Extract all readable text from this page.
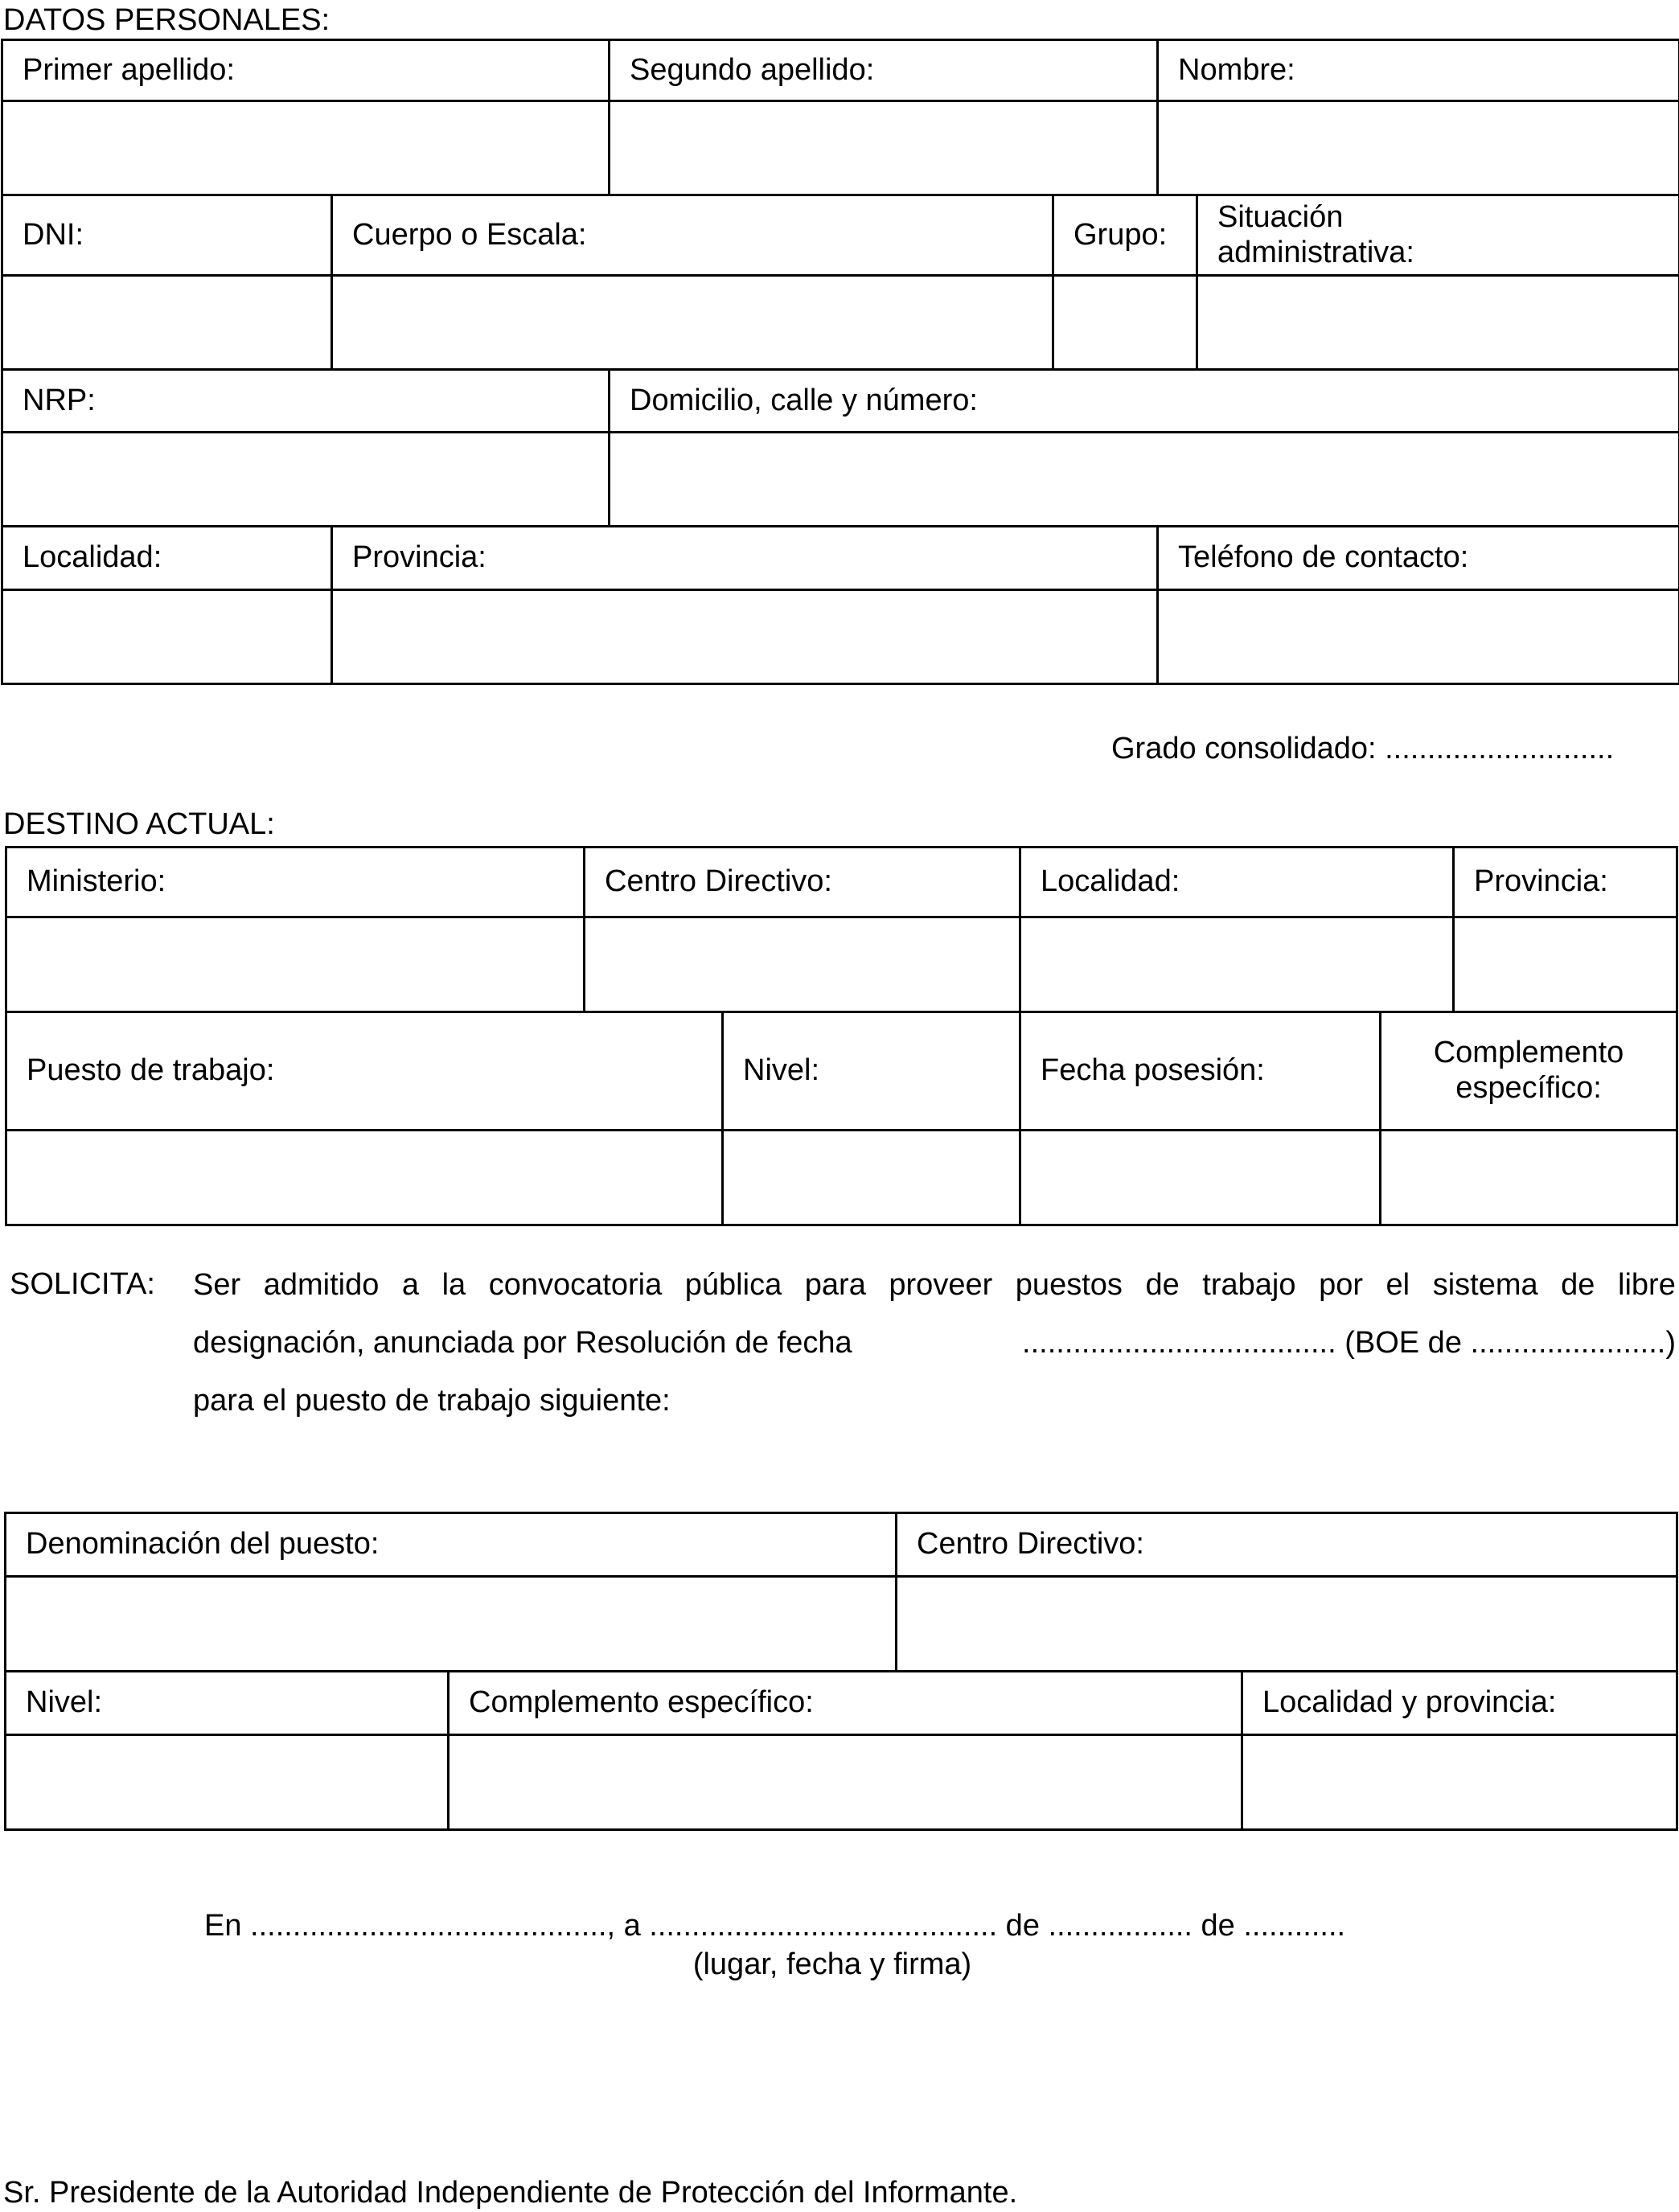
DATOS PERSONALES:
Primer apellido:		Segundo apellido:		Nombre:	

DNI:	Cuerpo o Escala:		Grupo:		Situación
administrativa:

NRP:		Domicilio, calle y número:			

Localidad:	Provincia:			Teléfono de contacto:	

Grado consolidado: ...........................
DESTINO ACTUAL:
Ministerio:	Centro Directivo:		Localidad:		Provincia:

Puesto de trabajo:		Nivel:	Fecha posesión:	Complemento
específico:	

SOLICITA: Ser admitido a la convocatoria pública para proveer puestos de trabajo por el sistema de libre
designación, anunciada por Resolución de fecha	..................................... (BOE de .......................)
para el puesto de trabajo siguiente:
Denominación del puesto:		Centro Directivo:	

Nivel:	Complemento específico:		Localidad y provincia:

En .........................................., a ......................................... de ................. de ............
(lugar, fecha y firma)
Sr. Presidente de la Autoridad Independiente de Protección del Informante.
